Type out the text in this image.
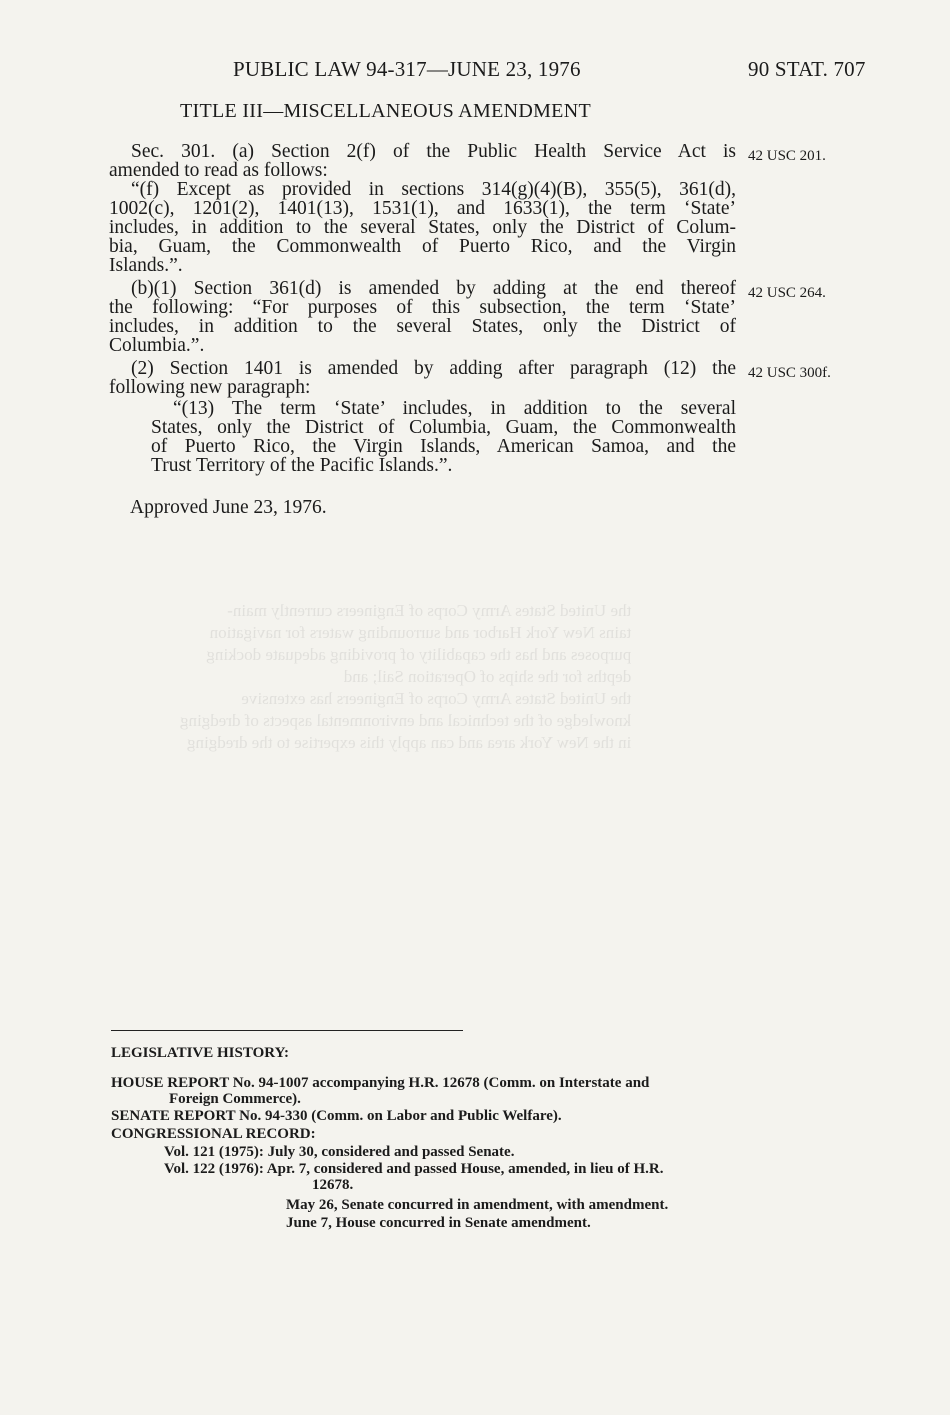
the United States Army Corps of Engineers currently main-
tains New York Harbor and surrounding waters for navigation
purposes and has the capability of providing adequate docking
depths for the ships of Operation Sail; and
the United States Army Corps of Engineers has extensive
knowledge of the technical and environmental aspects of dredging
in the New York area and can apply this expertise to the dredging
PUBLIC LAW 94-317—JUNE 23, 1976	90 STAT. 707
TITLE III—MISCELLANEOUS AMENDMENT
Sec. 301. (a) Section 2(f) of the Public Health Service Act is
amended to read as follows:
“(f) Except as provided in sections 314(g)(4)(B), 355(5), 361(d),
1002(c), 1201(2), 1401(13), 1531(1), and 1633(1), the term ‘State’
includes, in addition to the several States, only the District of Colum-
bia, Guam, the Commonwealth of Puerto Rico, and the Virgin
Islands.”.
(b)(1) Section 361(d) is amended by adding at the end thereof
the following: “For purposes of this subsection, the term ‘State’
includes, in addition to the several States, only the District of
Columbia.”.
(2) Section 1401 is amended by adding after paragraph (12) the
following new paragraph:
“(13) The term ‘State’ includes, in addition to the several
States, only the District of Columbia, Guam, the Commonwealth
of Puerto Rico, the Virgin Islands, American Samoa, and the
Trust Territory of the Pacific Islands.”.
Approved June 23, 1976.
42 USC 201.
42 USC 264.
42 USC 300f.
LEGISLATIVE HISTORY:
HOUSE REPORT No. 94-1007 accompanying H.R. 12678 (Comm. on Interstate and
Foreign Commerce).
SENATE REPORT No. 94-330 (Comm. on Labor and Public Welfare).
CONGRESSIONAL RECORD:
Vol. 121 (1975): July 30, considered and passed Senate.
Vol. 122 (1976): Apr. 7, considered and passed House, amended, in lieu of H.R.
12678.
May 26, Senate concurred in amendment, with amendment.
June 7, House concurred in Senate amendment.
